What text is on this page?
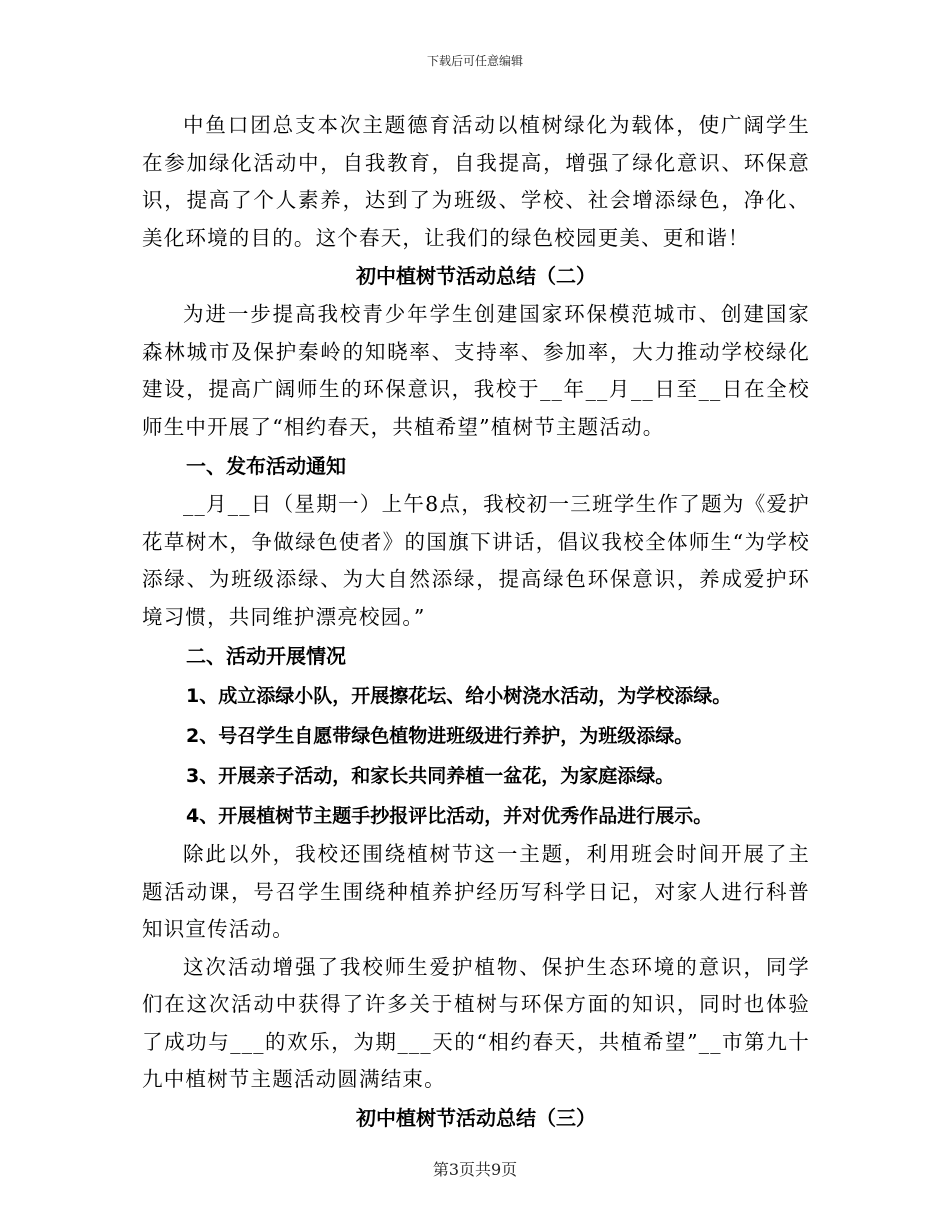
下载后可任意编辑

中鱼口团总支本次主题德育活动以植树绿化为载体，使广阔学生在参加绿化活动中，自我教育，自我提高，增强了绿化意识、环保意识，提高了个人素养，达到了为班级、学校、社会增添绿色，净化、美化环境的目的。这个春天，让我们的绿色校园更美、更和谐！

初中植树节活动总结（二）

为进一步提高我校青少年学生创建国家环保模范城市、创建国家森林城市及保护秦岭的知晓率、支持率、参加率，大力推动学校绿化建设，提高广阔师生的环保意识，我校于__年__月__日至__日在全校师生中开展了“相约春天，共植希望”植树节主题活动。

一、发布活动通知

__月__日（星期一）上午8点，我校初一三班学生作了题为《爱护花草树木，争做绿色使者》的国旗下讲话，倡议我校全体师生“为学校添绿、为班级添绿、为大自然添绿，提高绿色环保意识，养成爱护环境习惯，共同维护漂亮校园。”

二、活动开展情况

1、成立添绿小队，开展擦花坛、给小树浇水活动，为学校添绿。

2、号召学生自愿带绿色植物进班级进行养护，为班级添绿。

3、开展亲子活动，和家长共同养植一盆花，为家庭添绿。

4、开展植树节主题手抄报评比活动，并对优秀作品进行展示。

除此以外，我校还围绕植树节这一主题，利用班会时间开展了主题活动课，号召学生围绕种植养护经历写科学日记，对家人进行科普知识宣传活动。

这次活动增强了我校师生爱护植物、保护生态环境的意识，同学们在这次活动中获得了许多关于植树与环保方面的知识，同时也体验了成功与___的欢乐，为期___天的“相约春天，共植希望”__市第九十九中植树节主题活动圆满结束。

初中植树节活动总结（三）

第3页共9页
